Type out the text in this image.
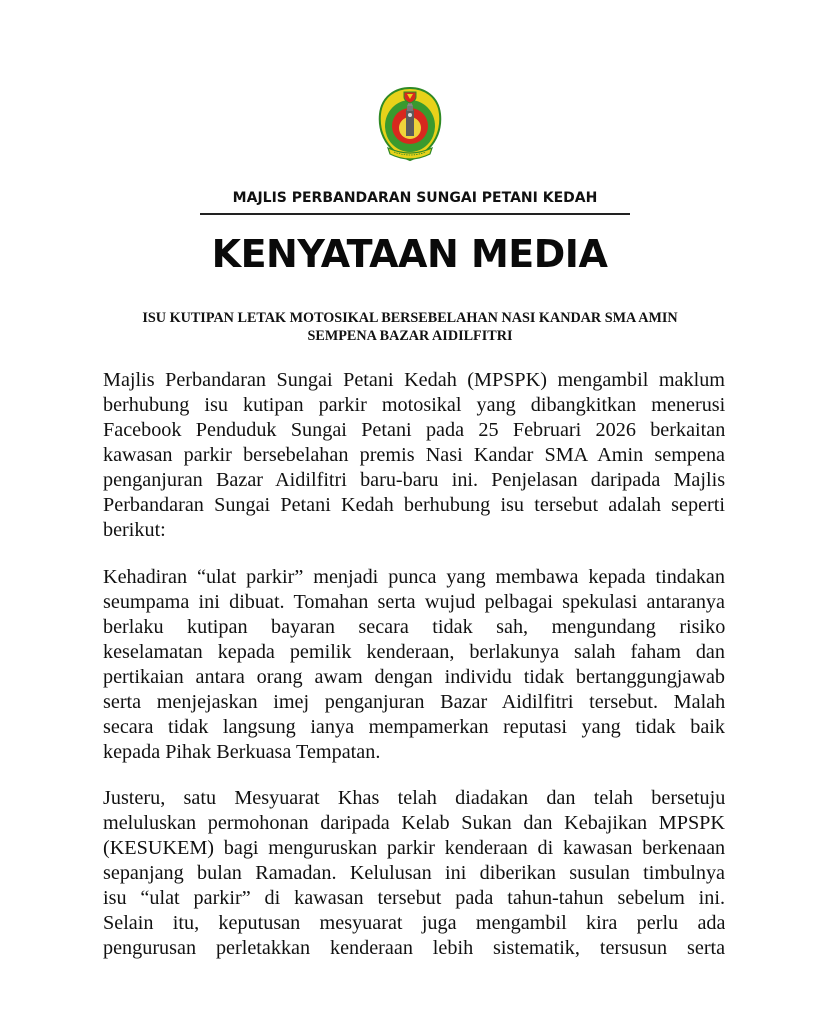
MAJLIS PERBANDARAN SUNGAI PETANI KEDAH
KENYATAAN MEDIA
ISU KUTIPAN LETAK MOTOSIKAL BERSEBELAHAN NASI KANDAR SMA AMIN
SEMPENA BAZAR AIDILFITRI
Majlis Perbandaran Sungai Petani Kedah (MPSPK) mengambil maklum
berhubung isu kutipan parkir motosikal yang dibangkitkan menerusi
Facebook Penduduk Sungai Petani pada 25 Februari 2026 berkaitan
kawasan parkir bersebelahan premis Nasi Kandar SMA Amin sempena
penganjuran Bazar Aidilfitri baru-baru ini. Penjelasan daripada Majlis
Perbandaran Sungai Petani Kedah berhubung isu tersebut adalah seperti
berikut:
Kehadiran “ulat parkir” menjadi punca yang membawa kepada tindakan
seumpama ini dibuat. Tomahan serta wujud pelbagai spekulasi antaranya
berlaku kutipan bayaran secara tidak sah, mengundang risiko
keselamatan kepada pemilik kenderaan, berlakunya salah faham dan
pertikaian antara orang awam dengan individu tidak bertanggungjawab
serta menjejaskan imej penganjuran Bazar Aidilfitri tersebut. Malah
secara tidak langsung ianya mempamerkan reputasi yang tidak baik
kepada Pihak Berkuasa Tempatan.
Justeru, satu Mesyuarat Khas telah diadakan dan telah bersetuju
meluluskan permohonan daripada Kelab Sukan dan Kebajikan MPSPK
(KESUKEM) bagi menguruskan parkir kenderaan di kawasan berkenaan
sepanjang bulan Ramadan. Kelulusan ini diberikan susulan timbulnya
isu “ulat parkir” di kawasan tersebut pada tahun-tahun sebelum ini.
Selain itu, keputusan mesyuarat juga mengambil kira perlu ada
pengurusan perletakkan kenderaan lebih sistematik, tersusun serta
